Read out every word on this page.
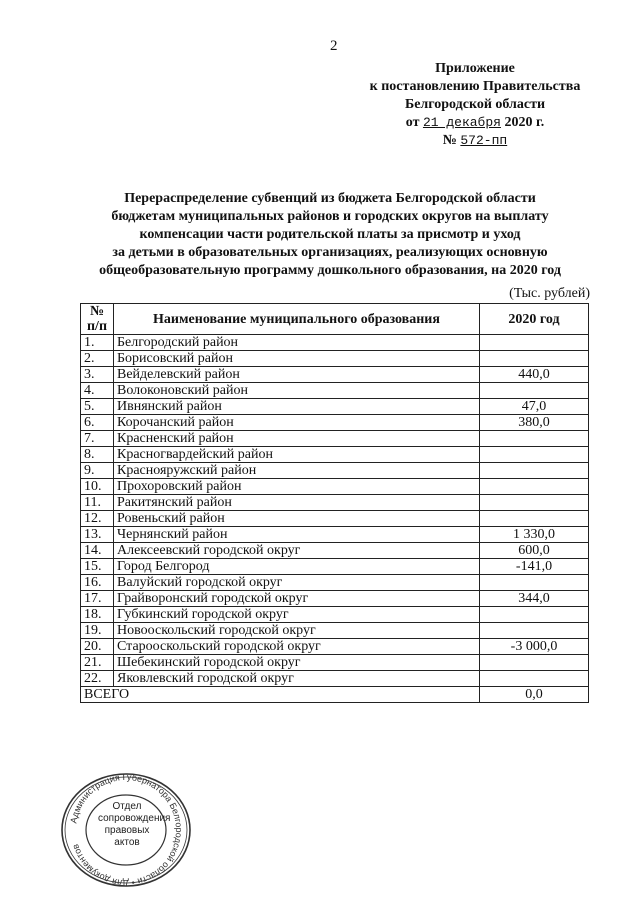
2
Приложение
к постановлению Правительства
Белгородской области
от 21 декабря 2020 г.
№ 572-пп
Перераспределение субвенций из бюджета Белгородской области
бюджетам муниципальных районов и городских округов на выплату
компенсации части родительской платы за присмотр и уход
за детьми в образовательных организациях, реализующих основную
общеобразовательную программу дошкольного образования, на 2020 год
(Тыс. рублей)
№ п/п	Наименование муниципального образования	2020 год
1.	Белгородский район	
2.	Борисовский район	
3.	Вейделевский район	440,0
4.	Волоконовский район	
5.	Ивнянский район	47,0
6.	Корочанский район	380,0
7.	Красненский район	
8.	Красногвардейский район	
9.	Краснояружский район	
10.	Прохоровский район	
11.	Ракитянский район	
12.	Ровеньский район	
13.	Чернянский район	1 330,0
14.	Алексеевский городской округ	600,0
15.	Город Белгород	-141,0
16.	Валуйский городской округ	
17.	Грайворонский городской округ	344,0
18.	Губкинский городской округ	
19.	Новооскольский городской округ	
20.	Старооскольский городской округ	-3 000,0
21.	Шебекинский городской округ	
22.	Яковлевский городской округ	
ВСЕГО		0,0
Администрация Губернатора Белгородской области • Для документов
Отдел
сопровождения
правовых
актов
